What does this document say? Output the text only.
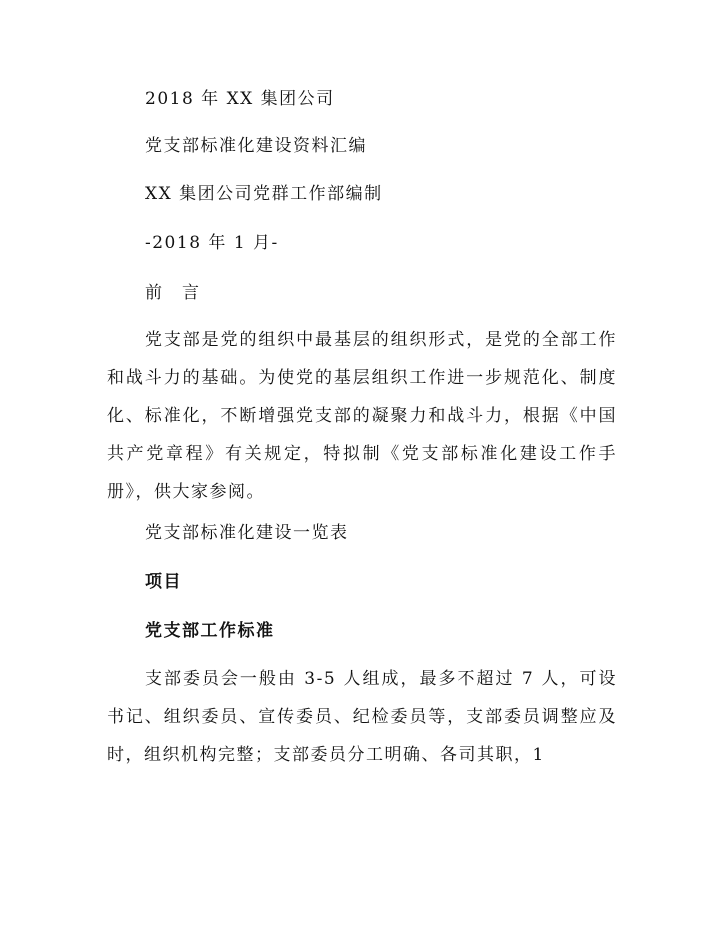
2018 年 XX 集团公司
党支部标准化建设资料汇编
XX 集团公司党群工作部编制
-2018 年 1 月-
前　言
党支部是党的组织中最基层的组织形式，是党的全部工作和战斗力的基础。为使党的基层组织工作进一步规范化、制度化、标准化，不断增强党支部的凝聚力和战斗力，根据《中国共产党章程》有关规定，特拟制《党支部标准化建设工作手册》，供大家参阅。
党支部标准化建设一览表
项目
党支部工作标准
支部委员会一般由 3-5 人组成，最多不超过 7 人，可设书记、组织委员、宣传委员、纪检委员等，支部委员调整应及时，组织机构完整；支部委员分工明确、各司其职，1
